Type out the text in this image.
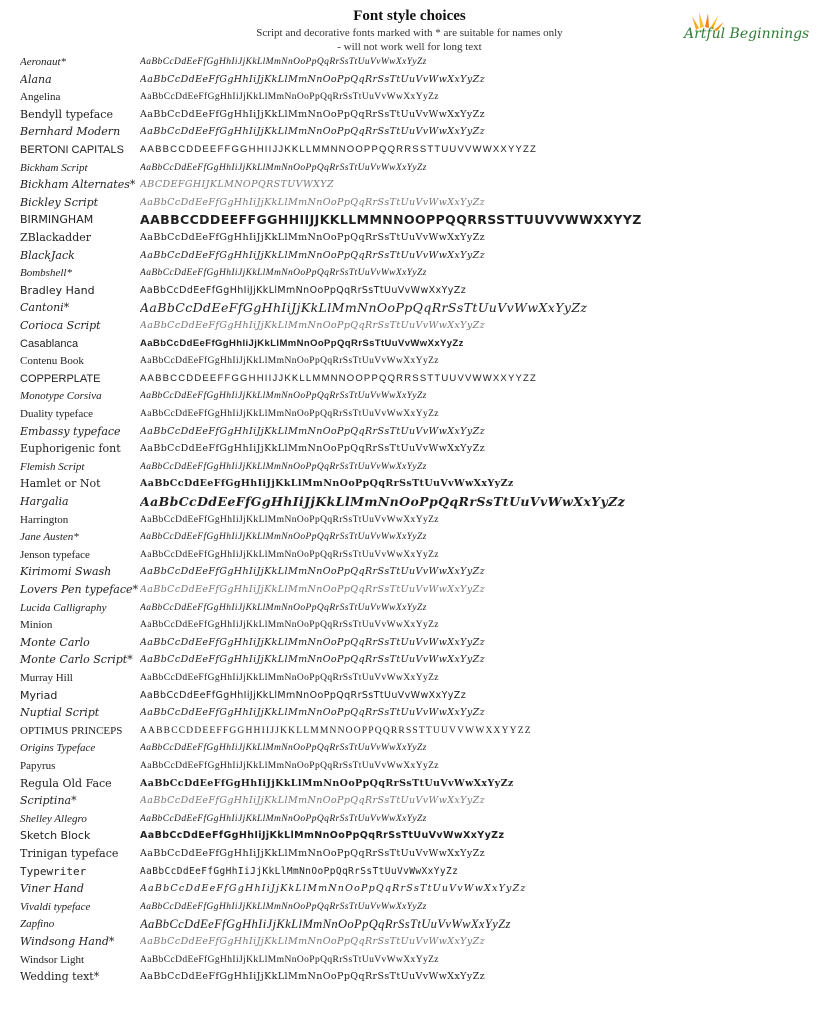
Font style choices
Script and decorative fonts marked with * are suitable for names only
- will not work well for long text
Artful Beginnings
Aeronaut*	AaBbCcDdEeFfGgHhIiJjKkLlMmNnOoPpQqRrSsTtUuVvWwXxYyZz
Alana	AaBbCcDdEeFfGgHhIiJjKkLlMmNnOoPpQqRrSsTtUuVvWwXxYyZz
Angelina	AaBbCcDdEeFfGgHhIiJjKkLlMmNnOoPpQqRrSsTtUuVvWwXxYyZz
Bendyll typeface	AaBbCcDdEeFfGgHhIiJjKkLlMmNnOoPpQqRrSsTtUuVvWwXxYyZz
Bernhard Modern	AaBbCcDdEeFfGgHhIiJjKkLlMmNnOoPpQqRrSsTtUuVvWwXxYyZz
BERTONI CAPITALS	AABBCCDDEEFFGGHHIIJJKKLLMMNNOOPPQQRRSSTTUUVVWWXXYYZZ
Bickham Script	AaBbCcDdEeFfGgHhIiJjKkLlMmNnOoPpQqRrSsTtUuVvWwXxYyZz
Bickham Alternates* ABCDEFGHIJKLMNOPQRSTUVWXYZ
Bickley Script	AaBbCcDdEeFfGgHhIiJjKkLlMmNnOoPpQqRrSsTtUuVvWwXxYyZz
BIRMINGHAM	AABBCCDDEEFFGGHHIIJJKKLLMMNNOOPPQQRRSSTTUUVVWWXXYYZ
ZBlackadder	AaBbCcDdEeFfGgHhIiJjKkLlMmNnOoPpQqRrSsTtUuVvWwXxYyZz
BlackJack	AaBbCcDdEeFfGgHhIiJjKkLlMmNnOoPpQqRrSsTtUuVvWwXxYyZz
Bombshell*	AaBbCcDdEeFfGgHhIiJjKkLlMmNnOoPpQqRrSsTtUuVvWwXxYyZz
Bradley Hand	AaBbCcDdEeFfGgHhIiJjKkLlMmNnOoPpQqRrSsTtUuVvWwXxYyZz
Cantoni*	AaBbCcDdEeFfGgHhIiJjKkLlMmNnOoPpQqRrSsTtUuVvWwXxYyZz
Corioca Script	AaBbCcDdEeFfGgHhIiJjKkLlMmNnOoPpQqRrSsTtUuVvWwXxYyZz
Casablanca	AaBbCcDdEeFfGgHhIiJjKkLlMmNnOoPpQqRrSsTtUuVvWwXxYyZz
Contenu Book	AaBbCcDdEeFfGgHhIiJjKkLlMmNnOoPpQqRrSsTtUuVvWwXxYyZz
COPPERPLATE	AABBCCDDEEFFGGHHIIJJKKLLMMNNOOPPQQRRSSTTUUVVWWXXYYZZ
Monotype Corsiva	AaBbCcDdEeFfGgHhIiJjKkLlMmNnOoPpQqRrSsTtUuVvWwXxYyZz
Duality typeface	AaBbCcDdEeFfGgHhIiJjKkLlMmNnOoPpQqRrSsTtUuVvWwXxYyZz
Embassy typeface	AaBbCcDdEeFfGgHhIiJjKkLlMmNnOoPpQqRrSsTtUuVvWwXxYyZz
Euphorigenic font	AaBbCcDdEeFfGgHhIiJjKkLlMmNnOoPpQqRrSsTtUuVvWwXxYyZz
Flemish Script	AaBbCcDdEeFfGgHhIiJjKkLlMmNnOoPpQqRrSsTtUuVvWwXxYyZz
Hamlet or Not	AaBbCcDdEeFfGgHhIiJjKkLlMmNnOoPpQqRrSsTtUuVvWwXxYyZz
Hargalia	AaBbCcDdEeFfGgHhIiJjKkLlMmNnOoPpQqRrSsTtUuVvWwXxYyZz
Harrington	AaBbCcDdEeFfGgHhIiJjKkLlMmNnOoPpQqRrSsTtUuVvWwXxYyZz
Jane Austen*	AaBbCcDdEeFfGgHhIiJjKkLlMmNnOoPpQqRrSsTtUuVvWwXxYyZz
Jenson typeface	AaBbCcDdEeFfGgHhIiJjKkLlMmNnOoPpQqRrSsTtUuVvWwXxYyZz
Kirimomi Swash	AaBbCcDdEeFfGgHhIiJjKkLlMmNnOoPpQqRrSsTtUuVvWwXxYyZz
Lovers Pen typeface* AaBbCcDdEeFfGgHhIiJjKkLlMmNnOoPpQqRrSsTtUuVvWwXxYyZz
Lucida Calligraphy	AaBbCcDdEeFfGgHhIiJjKkLlMmNnOoPpQqRrSsTtUuVvWwXxYyZz
Minion	AaBbCcDdEeFfGgHhIiJjKkLlMmNnOoPpQqRrSsTtUuVvWwXxYyZz
Monte Carlo	AaBbCcDdEeFfGgHhIiJjKkLlMmNnOoPpQqRrSsTtUuVvWwXxYyZz
Monte Carlo Script* AaBbCcDdEeFfGgHhIiJjKkLlMmNnOoPpQqRrSsTtUuVvWwXxYyZz
Murray Hill	AaBbCcDdEeFfGgHhIiJjKkLlMmNnOoPpQqRrSsTtUuVvWwXxYyZz
Myriad	AaBbCcDdEeFfGgHhIiJjKkLlMmNnOoPpQqRrSsTtUuVvWwXxYyZz
Nuptial Script	AaBbCcDdEeFfGgHhIiJjKkLlMmNnOoPpQqRrSsTtUuVvWwXxYyZz
OPTIMUS PRINCEPS	AABBCCDDEEFFGGHHIIJJKKLLMMNNOOPPQQRRSSTTUUVVWWXXYYZZ
Origins Typeface	AaBbCcDdEeFfGgHhIiJjKkLlMmNnOoPpQqRrSsTtUuVvWwXxYyZz
Papyrus	AaBbCcDdEeFfGgHhIiJjKkLlMmNnOoPpQqRrSsTtUuVvWwXxYyZz
Regula Old Face	AaBbCcDdEeFfGgHhIiJjKkLlMmNnOoPpQqRrSsTtUuVvWwXxYyZz
Scriptina*	AaBbCcDdEeFfGgHhIiJjKkLlMmNnOoPpQqRrSsTtUuVvWwXxYyZz
Shelley Allegro	AaBbCcDdEeFfGgHhIiJjKkLlMmNnOoPpQqRrSsTtUuVvWwXxYyZz
Sketch Block	AaBbCcDdEeFfGgHhIiJjKkLlMmNnOoPpQqRrSsTtUuVvWwXxYyZz
Trinigan typeface	AaBbCcDdEeFfGgHhIiJjKkLlMmNnOoPpQqRrSsTtUuVvWwXxYyZz
Typewriter	AaBbCcDdEeFfGgHhIiJjKkLlMmNnOoPpQqRrSsTtUuVvWwXxYyZz
Viner Hand	AaBbCcDdEeFfGgHhIiJjKkLlMmNnOoPpQqRrSsTtUuVvWwXxYyZz
Vivaldi typeface	AaBbCcDdEeFfGgHhIiJjKkLlMmNnOoPpQqRrSsTtUuVvWwXxYyZz
Zapfino	AaBbCcDdEeFfGgHhIiJjKkLlMmNnOoPpQqRrSsTtUuVvWwXxYyZz
Windsong Hand*	AaBbCcDdEeFfGgHhIiJjKkLlMmNnOoPpQqRrSsTtUuVvWwXxYyZz
Windsor Light	AaBbCcDdEeFfGgHhIiJjKkLlMmNnOoPpQqRrSsTtUuVvWwXxYyZz
Wedding text*	AaBbCcDdEeFfGgHhIiJjKkLlMmNnOoPpQqRrSsTtUuVvWwXxYyZz
